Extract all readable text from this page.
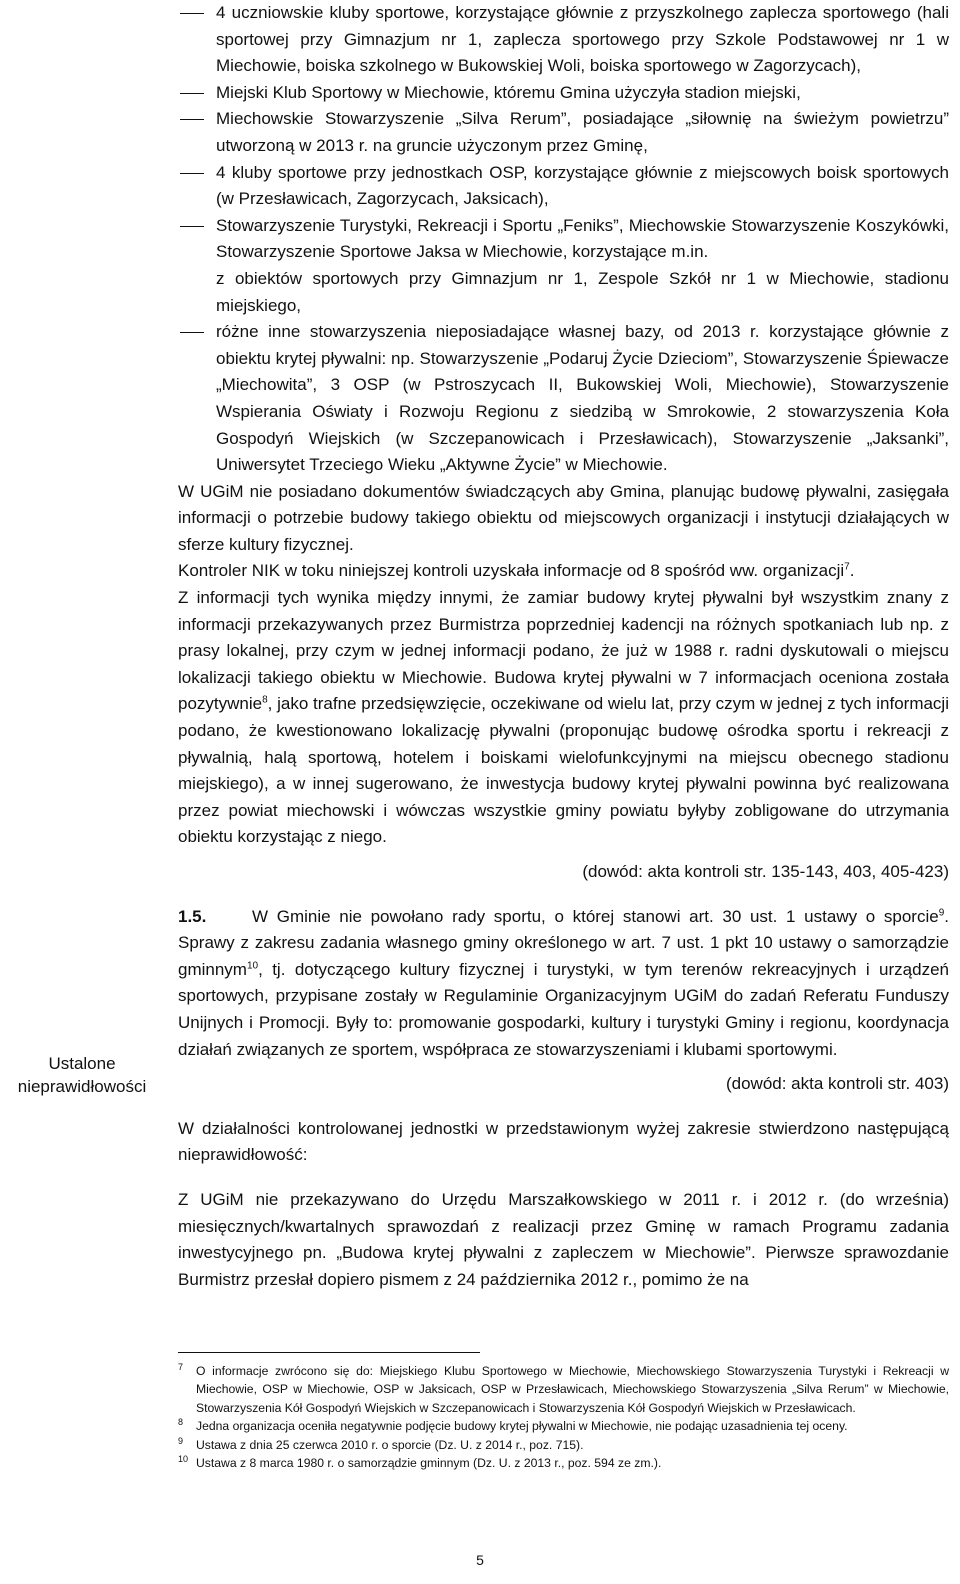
Ustalone
nieprawidłowości
4 uczniowskie kluby sportowe, korzystające głównie z przyszkolnego zaplecza sportowego (hali sportowej przy Gimnazjum nr 1, zaplecza sportowego przy Szkole Podstawowej nr 1 w Miechowie, boiska szkolnego w Bukowskiej Woli, boiska sportowego w Zagorzycach),
Miejski Klub Sportowy w Miechowie, któremu Gmina użyczyła stadion miejski,
Miechowskie Stowarzyszenie „Silva Rerum”, posiadające „siłownię na świeżym powietrzu” utworzoną w 2013 r. na gruncie użyczonym przez Gminę,
4 kluby sportowe przy jednostkach OSP, korzystające głównie z miejscowych boisk sportowych (w Przesławicach, Zagorzycach, Jaksicach),
Stowarzyszenie Turystyki, Rekreacji i Sportu „Feniks”, Miechowskie Stowarzyszenie Koszykówki, Stowarzyszenie Sportowe Jaksa w Miechowie, korzystające m.in.
z obiektów sportowych przy Gimnazjum nr 1, Zespole Szkół nr 1 w Miechowie, stadionu miejskiego,
różne inne stowarzyszenia nieposiadające własnej bazy, od 2013 r. korzystające głównie z obiektu krytej pływalni: np. Stowarzyszenie „Podaruj Życie Dzieciom”, Stowarzyszenie Śpiewacze „Miechowita”, 3 OSP (w Pstroszycach II, Bukowskiej Woli, Miechowie), Stowarzyszenie Wspierania Oświaty i Rozwoju Regionu z siedzibą w Smrokowie, 2 stowarzyszenia Koła Gospodyń Wiejskich (w Szczepanowicach i Przesławicach), Stowarzyszenie „Jaksanki”, Uniwersytet Trzeciego Wieku „Aktywne Życie” w Miechowie.

W UGiM nie posiadano dokumentów świadczących aby Gmina, planując budowę pływalni, zasięgała informacji o potrzebie budowy takiego obiektu od miejscowych organizacji i instytucji działających w sferze kultury fizycznej.

Kontroler NIK w toku niniejszej kontroli uzyskała informacje od 8 spośród ww. organizacji$^7$.

Z informacji tych wynika między innymi, że zamiar budowy krytej pływalni był wszystkim znany z informacji przekazywanych przez Burmistrza poprzedniej kadencji na różnych spotkaniach lub np. z prasy lokalnej, przy czym w jednej informacji podano, że już w 1988 r. radni dyskutowali o miejscu lokalizacji takiego obiektu w Miechowie. Budowa krytej pływalni w 7 informacjach oceniona została pozytywnie$^8$, jako trafne przedsięwzięcie, oczekiwane od wielu lat, przy czym w jednej z tych informacji podano, że kwestionowano lokalizację pływalni (proponując budowę ośrodka sportu i rekreacji z pływalnią, halą sportową, hotelem i boiskami wielofunkcyjnymi na miejscu obecnego stadionu miejskiego), a w innej sugerowano, że inwestycja budowy krytej pływalni powinna być realizowana przez powiat miechowski i wówczas wszystkie gminy powiatu byłyby zobligowane do utrzymania obiektu korzystając z niego.

(dowód: akta kontroli str. 135-143, 403, 405-423)

1.5.	W Gminie nie powołano rady sportu, o której stanowi art. 30 ust. 1 ustawy o sporcie$^9$. Sprawy z zakresu zadania własnego gminy określonego w art. 7 ust. 1 pkt 10 ustawy o samorządzie gminnym$^{10}$, tj. dotyczącego kultury fizycznej i turystyki, w tym terenów rekreacyjnych i urządzeń sportowych, przypisane zostały w Regulaminie Organizacyjnym UGiM do zadań Referatu Funduszy Unijnych i Promocji. Były to: promowanie gospodarki, kultury i turystyki Gminy i regionu, koordynacja działań związanych ze sportem, współpraca ze stowarzyszeniami i klubami sportowymi.

(dowód: akta kontroli str. 403)

W działalności kontrolowanej jednostki w przedstawionym wyżej zakresie stwierdzono następującą nieprawidłowość:

Z UGiM nie przekazywano do Urzędu Marszałkowskiego w 2011 r. i 2012 r. (do września) miesięcznych/kwartalnych sprawozdań z realizacji przez Gminę w ramach Programu zadania inwestycyjnego pn. „Budowa krytej pływalni z zapleczem w Miechowie”. Pierwsze sprawozdanie Burmistrz przesłał dopiero pismem z 24 października 2012 r., pomimo że na

7 O informacje zwrócono się do: Miejskiego Klubu Sportowego w Miechowie, Miechowskiego Stowarzyszenia Turystyki i Rekreacji w Miechowie, OSP w Miechowie, OSP w Jaksicach, OSP w Przesławicach, Miechowskiego Stowarzyszenia „Silva Rerum” w Miechowie, Stowarzyszenia Kół Gospodyń Wiejskich w Szczepanowicach i Stowarzyszenia Kół Gospodyń Wiejskich w Przesławicach.
8 Jedna organizacja oceniła negatywnie podjęcie budowy krytej pływalni w Miechowie, nie podając uzasadnienia tej oceny.
9 Ustawa z dnia 25 czerwca 2010 r. o sporcie (Dz. U. z 2014 r., poz. 715).
10 Ustawa z 8 marca 1980 r. o samorządzie gminnym (Dz. U. z 2013 r., poz. 594 ze zm.).
5
